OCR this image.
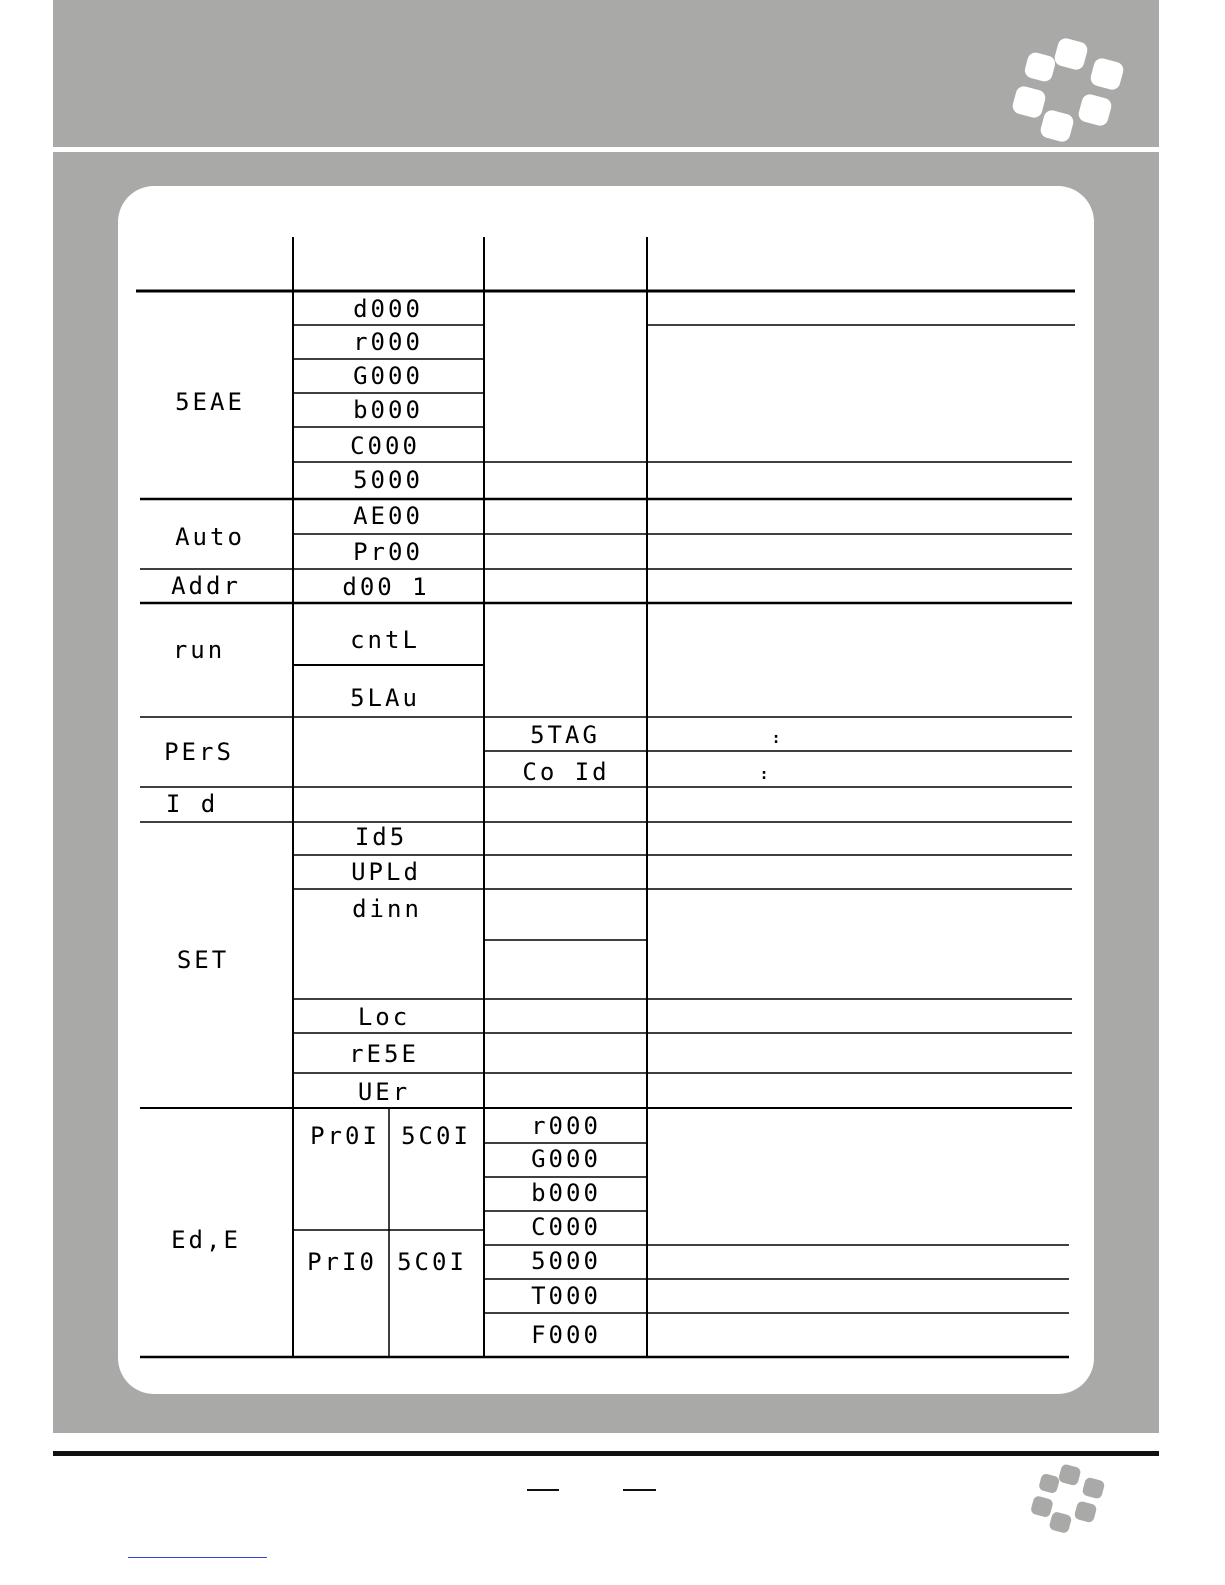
5EAE
Auto
Addr
run
PErS
I d
SET
Ed,E
d000
r000
G000
b000
C000
5000
AE00
Pr00
d00 1
cntL
5LAu
5TAG
Co Id
:
:
Id5
UPLd
dinn
Loc
rE5E
UEr
Pr0I
PrI0
5C0I
5C0I
r000
G000
b000
C000
5000
T000
F000
